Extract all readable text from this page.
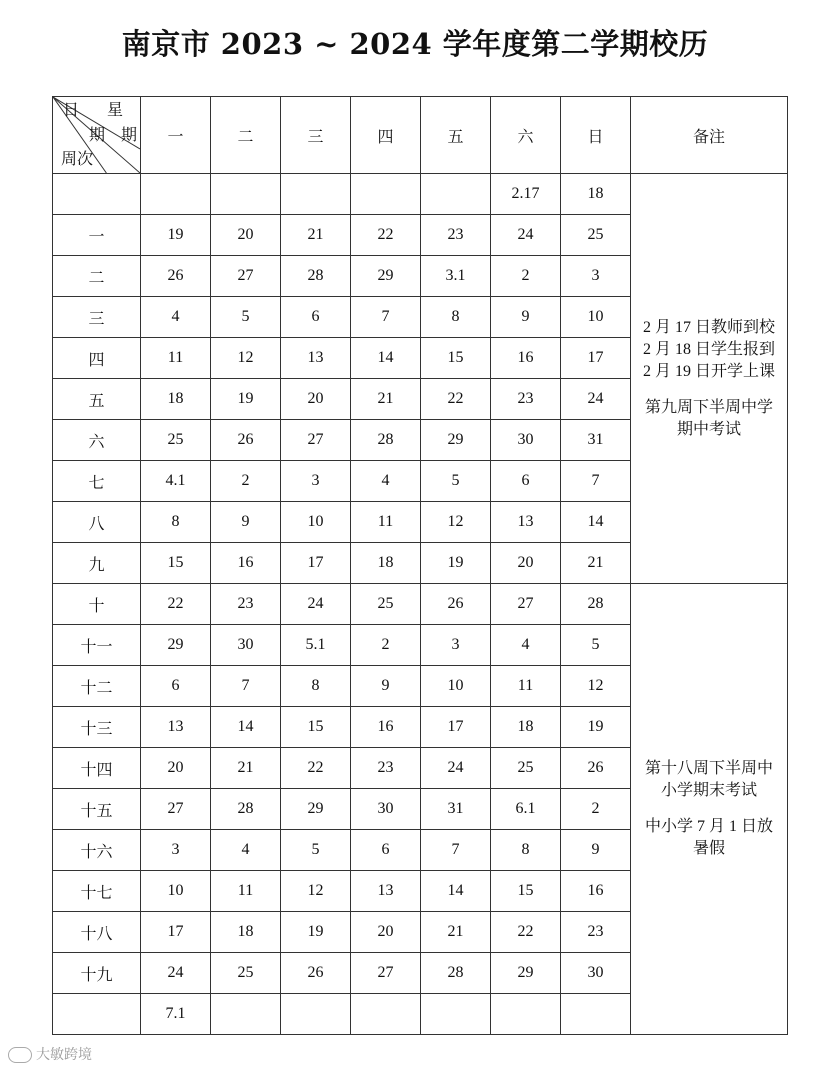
南京市 2023 ~ 2024 学年度第二学期校历
日 星
期 期
周次	一	二	三	四	五	六	日	备注
						2.17	18	2 月 17 日教师到校

2 月 18 日学生报到

2 月 19 日开学上课

第九周下半周中学

期中考试

一	19	20	21	22	23	24	25	
二	26	27	28	29	3.1	2	3	
三	4	5	6	7	8	9	10	
四	11	12	13	14	15	16	17	
五	18	19	20	21	22	23	24	
六	25	26	27	28	29	30	31	
七	4.1	2	3	4	5	6	7	
八	8	9	10	11	12	13	14	
九	15	16	17	18	19	20	21	
十	22	23	24	25	26	27	28	第十八周下半周中

小学期末考试

中小学 7 月 1 日放

暑假

十一	29	30	5.1	2	3	4	5	
十二	6	7	8	9	10	11	12	
十三	13	14	15	16	17	18	19	
十四	20	21	22	23	24	25	26	
十五	27	28	29	30	31	6.1	2	
十六	3	4	5	6	7	8	9	
十七	10	11	12	13	14	15	16	
十八	17	18	19	20	21	22	23	
十九	24	25	26	27	28	29	30	
	7.1							
大敏跨境
